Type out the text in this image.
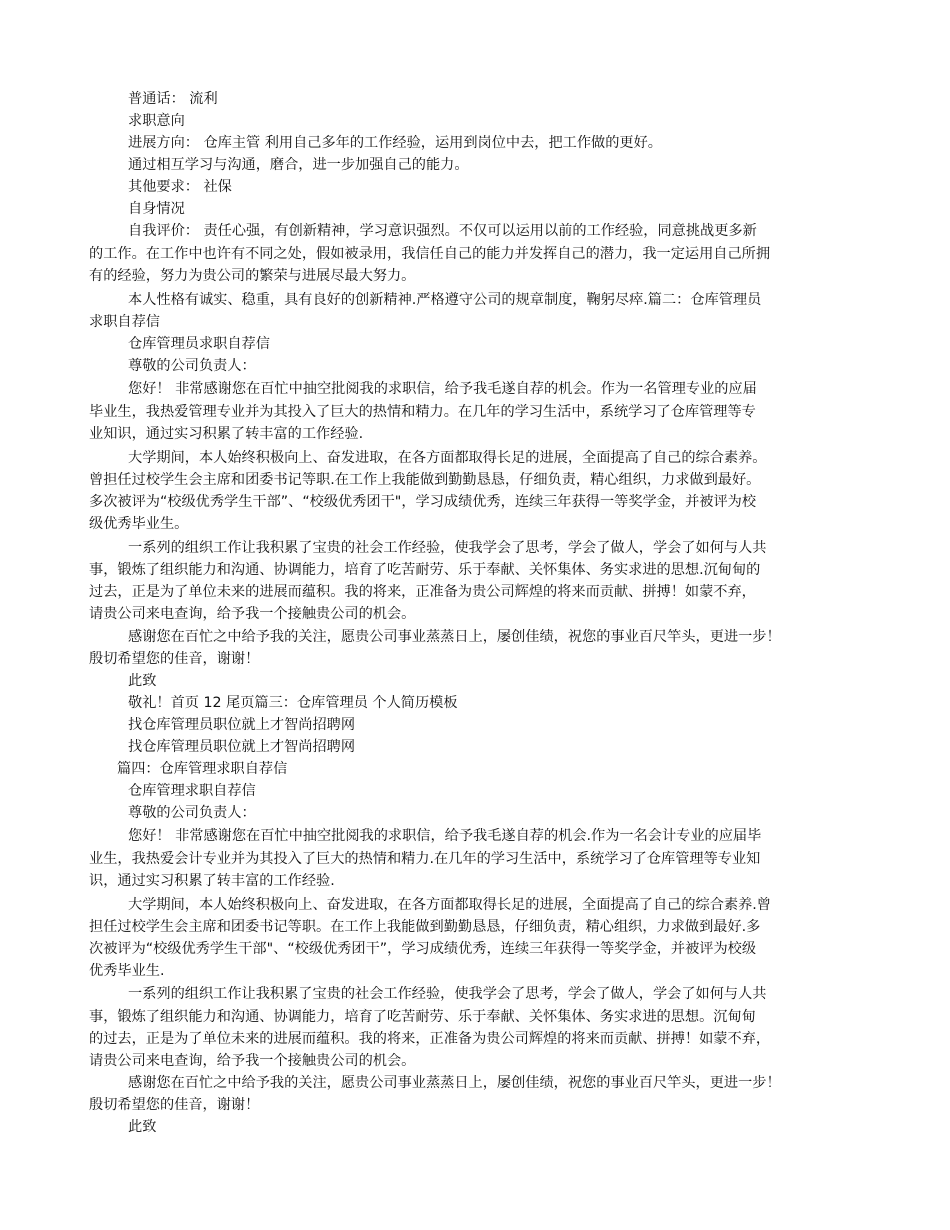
普通话： 流利
求职意向
进展方向： 仓库主管 利用自己多年的工作经验，运用到岗位中去，把工作做的更好。
通过相互学习与沟通，磨合，进一步加强自己的能力。
其他要求： 社保
自身情况
自我评价： 责任心强，有创新精神，学习意识强烈。不仅可以运用以前的工作经验，同意挑战更多新
的工作。在工作中也许有不同之处，假如被录用，我信任自己的能力并发挥自己的潜力，我一定运用自己所拥
有的经验，努力为贵公司的繁荣与进展尽最大努力。
本人性格有诚实、稳重，具有良好的创新精神.严格遵守公司的规章制度，鞠躬尽瘁.篇二：仓库管理员
求职自荐信
仓库管理员求职自荐信
尊敬的公司负责人：
您好！ 非常感谢您在百忙中抽空批阅我的求职信，给予我毛遂自荐的机会。作为一名管理专业的应届
毕业生，我热爱管理专业并为其投入了巨大的热情和精力。在几年的学习生活中，系统学习了仓库管理等专
业知识，通过实习积累了转丰富的工作经验.
大学期间，本人始终积极向上、奋发进取，在各方面都取得长足的进展，全面提高了自己的综合素养。
曾担任过校学生会主席和团委书记等职.在工作上我能做到勤勤恳恳，仔细负责，精心组织，力求做到最好。
多次被评为“校级优秀学生干部”、“校级优秀团干"，学习成绩优秀，连续三年获得一等奖学金，并被评为校
级优秀毕业生。
一系列的组织工作让我积累了宝贵的社会工作经验，使我学会了思考，学会了做人，学会了如何与人共
事，锻炼了组织能力和沟通、协调能力，培育了吃苦耐劳、乐于奉献、关怀集体、务实求进的思想.沉甸甸的
过去，正是为了单位未来的进展而蕴积。我的将来，正准备为贵公司辉煌的将来而贡献、拼搏！如蒙不弃，
请贵公司来电查询，给予我一个接触贵公司的机会。
感谢您在百忙之中给予我的关注，愿贵公司事业蒸蒸日上，屡创佳绩，祝您的事业百尺竿头，更进一步！
殷切希望您的佳音，谢谢！
此致
敬礼！首页 12 尾页篇三：仓库管理员 个人简历模板
找仓库管理员职位就上才智尚招聘网
找仓库管理员职位就上才智尚招聘网
篇四：仓库管理求职自荐信
仓库管理求职自荐信
尊敬的公司负责人：
您好！ 非常感谢您在百忙中抽空批阅我的求职信，给予我毛遂自荐的机会.作为一名会计专业的应届毕
业生，我热爱会计专业并为其投入了巨大的热情和精力.在几年的学习生活中，系统学习了仓库管理等专业知
识，通过实习积累了转丰富的工作经验.
大学期间，本人始终积极向上、奋发进取，在各方面都取得长足的进展，全面提高了自己的综合素养.曾
担任过校学生会主席和团委书记等职。在工作上我能做到勤勤恳恳，仔细负责，精心组织，力求做到最好.多
次被评为“校级优秀学生干部"、“校级优秀团干”，学习成绩优秀，连续三年获得一等奖学金，并被评为校级
优秀毕业生.
一系列的组织工作让我积累了宝贵的社会工作经验，使我学会了思考，学会了做人，学会了如何与人共
事，锻炼了组织能力和沟通、协调能力，培育了吃苦耐劳、乐于奉献、关怀集体、务实求进的思想。沉甸甸
的过去，正是为了单位未来的进展而蕴积。我的将来，正准备为贵公司辉煌的将来而贡献、拼搏！如蒙不弃，
请贵公司来电查询，给予我一个接触贵公司的机会。
感谢您在百忙之中给予我的关注，愿贵公司事业蒸蒸日上，屡创佳绩，祝您的事业百尺竿头，更进一步！
殷切希望您的佳音，谢谢！
此致
